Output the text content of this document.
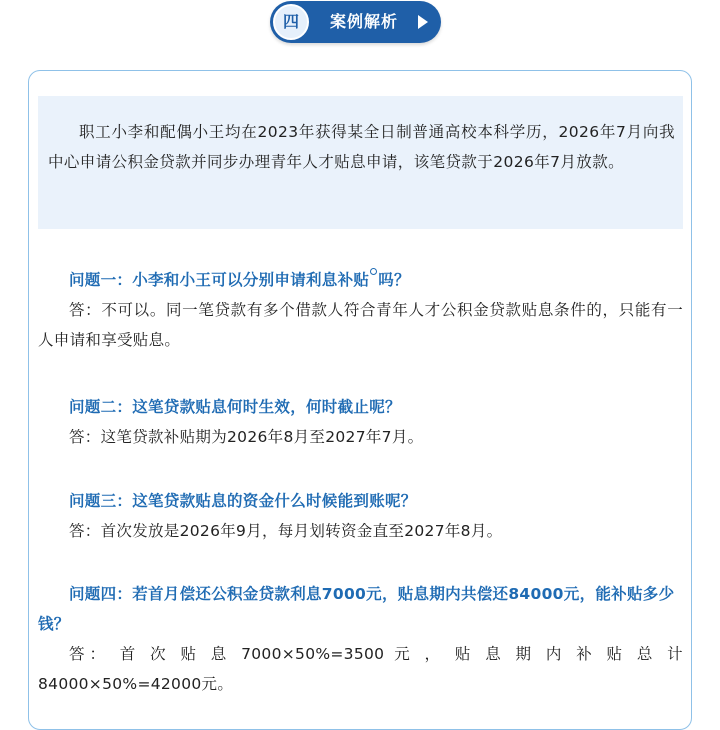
四	案例解析

职工小李和配偶小王均在2023年获得某全日制普通高校本科学历，2026年7月向我中心申请公积金贷款并同步办理青年人才贴息申请，该笔贷款于2026年7月放款。

问题一：小李和小王可以分别申请利息补贴 吗？

答：不可以。同一笔贷款有多个借款人符合青年人才公积金贷款贴息条件的，只能有一人申请和享受贴息。

问题二：这笔贷款贴息何时生效，何时截止呢？

答：这笔贷款补贴期为2026年8月至2027年7月。

问题三：这笔贷款贴息的资金什么时候能到账呢？

答：首次发放是2026年9月，每月划转资金直至2027年8月。

问题四：若首月偿还公积金贷款利息7000元，贴息期内共偿还84000元，能补贴多少钱？

答： 首 次 贴 息 7000×50%=3500 元 ， 贴 息 期 内 补 贴 总 计

84000×50%=42000元。
